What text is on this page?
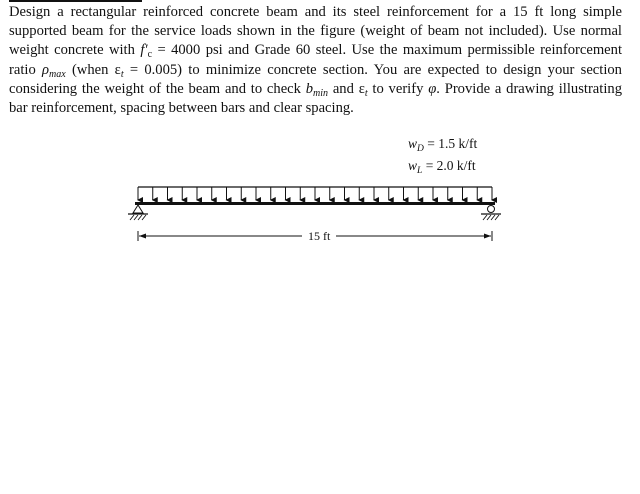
Design a rectangular reinforced concrete beam and its steel reinforcement for a 15 ft long simple supported beam for the service loads shown in the figure (weight of beam not included). Use normal weight concrete with $f'_c = 4000$ psi and Grade 60 steel. Use the maximum permissible reinforcement ratio $\rho_{max}$ (when $\varepsilon_t = 0.005$) to minimize concrete section. You are expected to design your section considering the weight of the beam and to check $b_{min}$ and $\varepsilon_t$ to verify φ. Provide a drawing illustrating bar reinforcement, spacing between bars and clear spacing.
$w_D = 1.5$ k/ft
$w_L = 2.0$ k/ft
15 ft
